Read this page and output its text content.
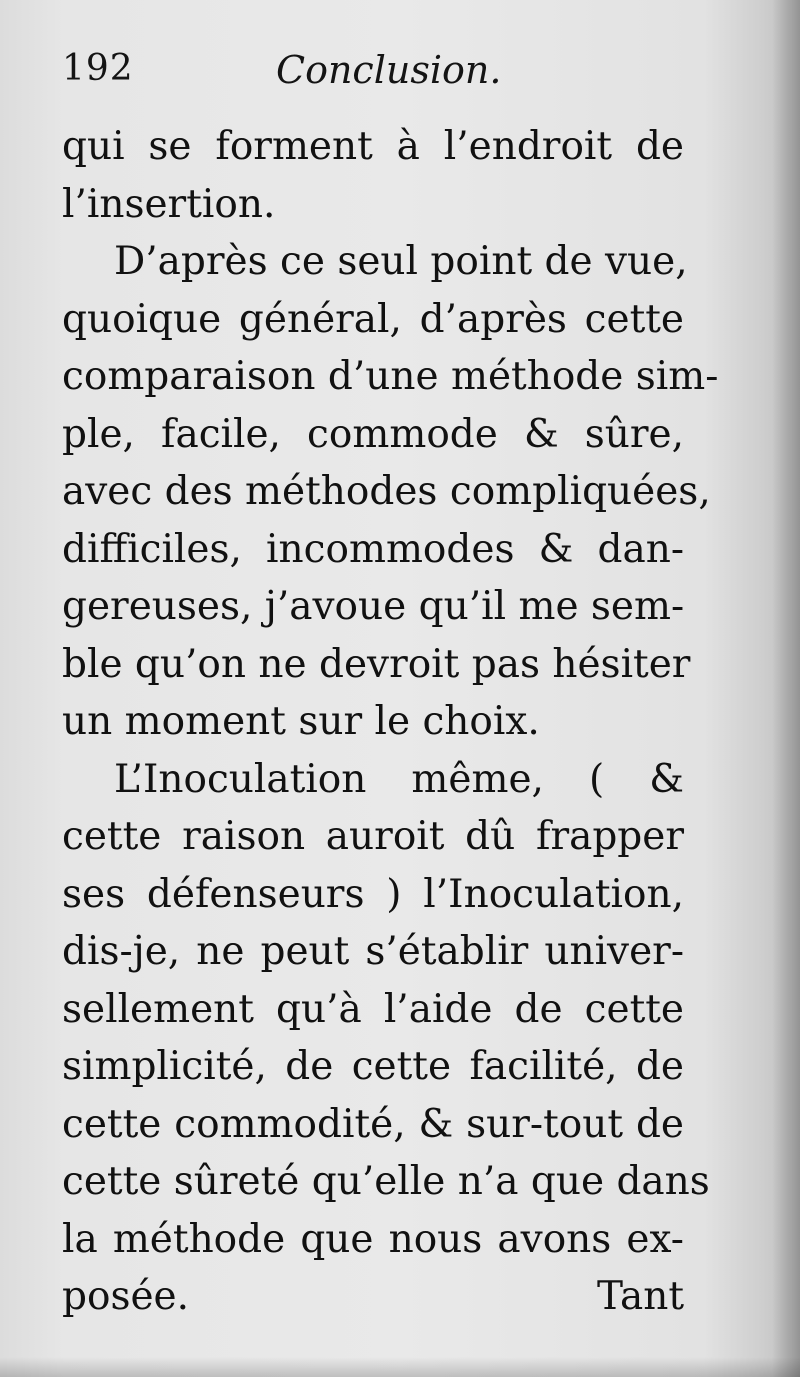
192	Conclusion.
qui se forment à l’endroit de
l’insertion.
D’après ce seul point de vue,
quoique général, d’après cette
comparaison d’une méthode sim-
ple, facile, commode & sûre,
avec des méthodes compliquées,
difficiles, incommodes & dan-
gereuses, j’avoue qu’il me sem-
ble qu’on ne devroit pas hésiter
un moment sur le choix.
L’Inoculation même, ( &
cette raison auroit dû frapper
ses défenseurs ) l’Inoculation,
dis-je, ne peut s’établir univer-
sellement qu’à l’aide de cette
simplicité, de cette facilité, de
cette commodité, & sur-tout de
cette sûreté qu’elle n’a que dans
la méthode que nous avons ex-
posée.	Tant
